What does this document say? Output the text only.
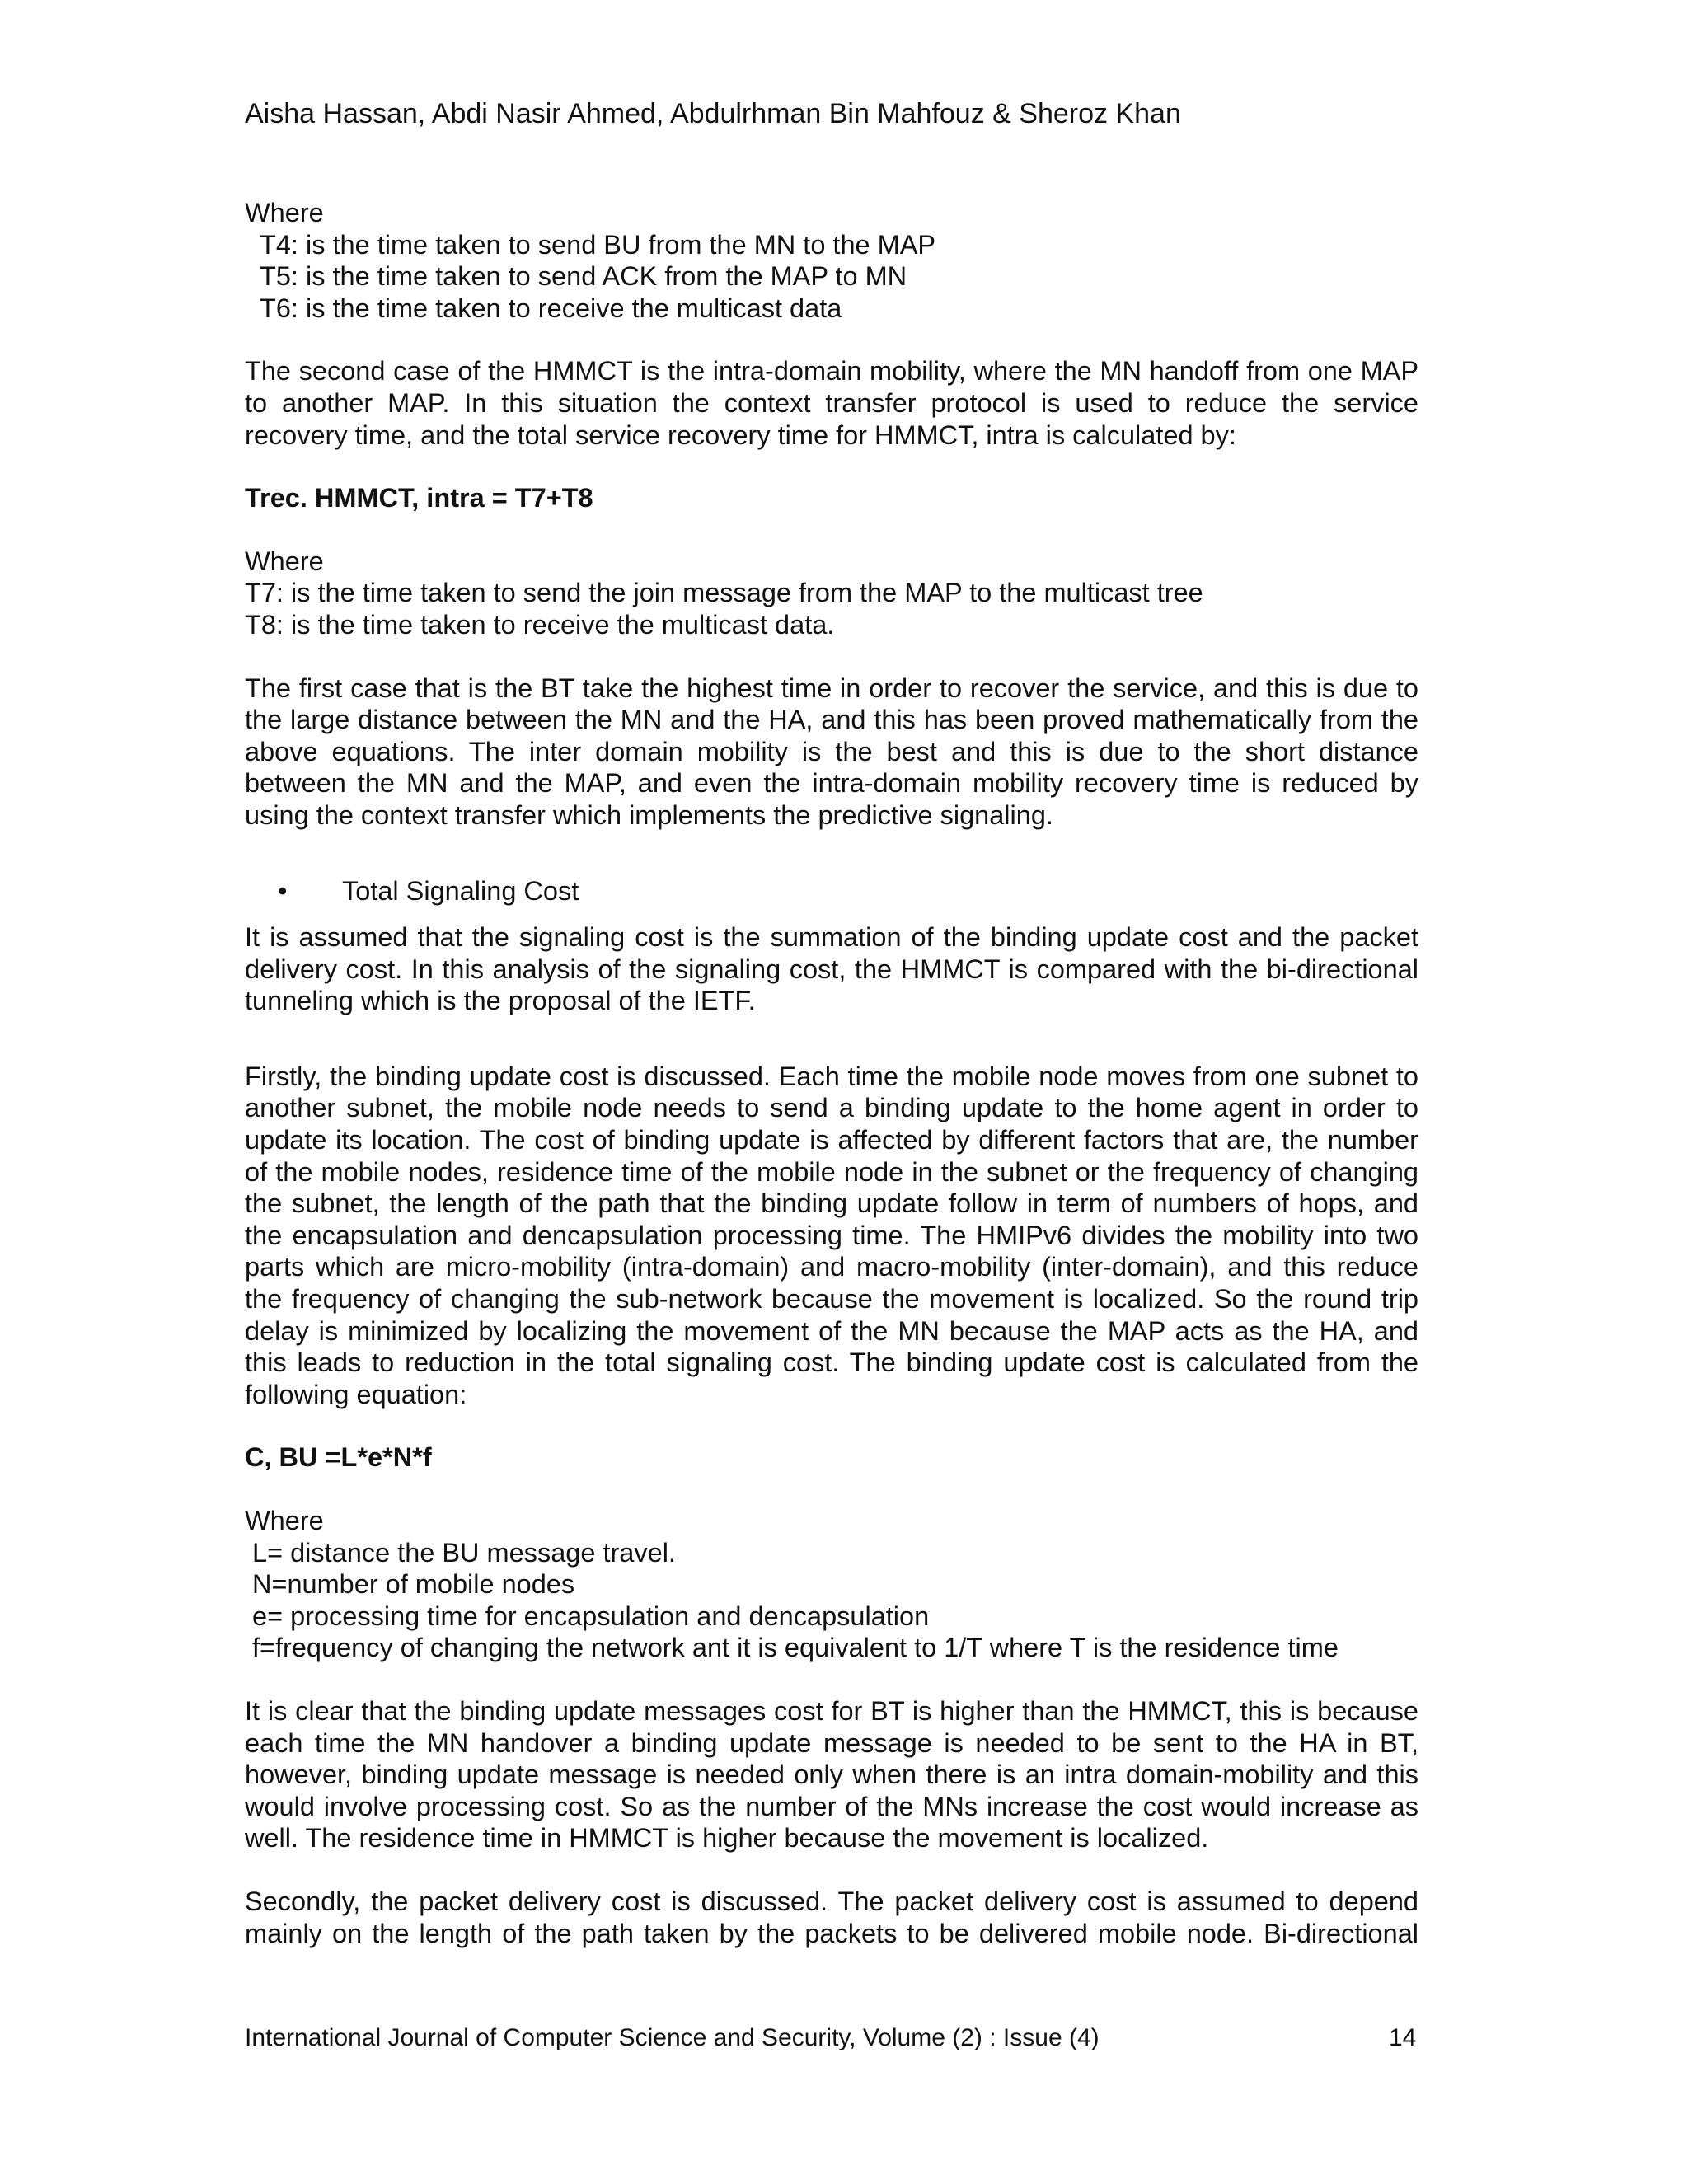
Aisha Hassan, Abdi Nasir Ahmed, Abdulrhman Bin Mahfouz & Sheroz Khan
Where
T4: is the time taken to send BU from the MN to the MAP
T5: is the time taken to send ACK from the MAP to MN
T6: is the time taken to receive the multicast data
The second case of the HMMCT is the intra-domain mobility, where the MN handoff from one MAP to another MAP. In this situation the context transfer protocol is used to reduce the service recovery time, and the total service recovery time for HMMCT, intra is calculated by:
Trec. HMMCT, intra = T7+T8
Where
T7: is the time taken to send the join message from the MAP to the multicast tree
T8: is the time taken to receive the multicast data.
The first case that is the BT take the highest time in order to recover the service, and this is due to the large distance between the MN and the HA, and this has been proved mathematically from the above equations. The inter domain mobility is the best and this is due to the short distance between the MN and the MAP, and even the intra-domain mobility recovery time is reduced by using the context transfer which implements the predictive signaling.
•	Total Signaling Cost
It is assumed that the signaling cost is the summation of the binding update cost and the packet delivery cost. In this analysis of the signaling cost, the HMMCT is compared with the bi-directional tunneling which is the proposal of the IETF.
Firstly, the binding update cost is discussed. Each time the mobile node moves from one subnet to another subnet, the mobile node needs to send a binding update to the home agent in order to update its location. The cost of binding update is affected by different factors that are, the number of the mobile nodes, residence time of the mobile node in the subnet or the frequency of changing the subnet, the length of the path that the binding update follow in term of numbers of hops, and the encapsulation and dencapsulation processing time. The HMIPv6 divides the mobility into two parts which are micro-mobility (intra-domain) and macro-mobility (inter-domain), and this reduce the frequency of changing the sub-network because the movement is localized. So the round trip delay is minimized by localizing the movement of the MN because the MAP acts as the HA, and this leads to reduction in the total signaling cost. The binding update cost is calculated from the following equation:
C, BU =L*e*N*f
Where
L= distance the BU message travel.
N=number of mobile nodes
e= processing time for encapsulation and dencapsulation
f=frequency of changing the network ant it is equivalent to 1/T where T is the residence time
It is clear that the binding update messages cost for BT is higher than the HMMCT, this is because each time the MN handover a binding update message is needed to be sent to the HA in BT, however, binding update message is needed only when there is an intra domain-mobility and this would involve processing cost. So as the number of the MNs increase the cost would increase as well. The residence time in HMMCT is higher because the movement is localized.
Secondly, the packet delivery cost is discussed. The packet delivery cost is assumed to depend mainly on the length of the path taken by the packets to be delivered mobile node. Bi-directional
International Journal of Computer Science and Security, Volume (2) : Issue (4)	14
